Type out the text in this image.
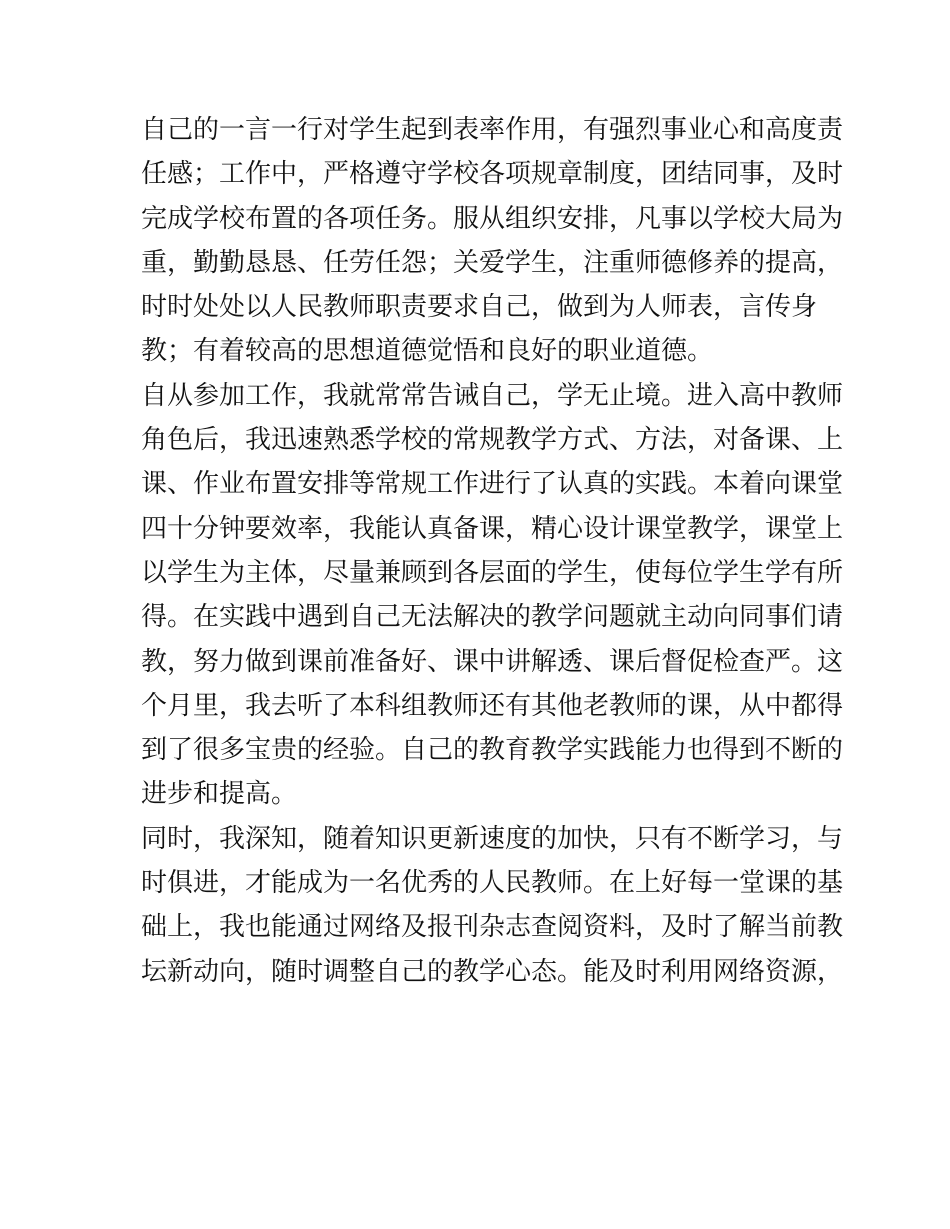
自己的一言一行对学生起到表率作用，有强烈事业心和高度责
任感；工作中，严格遵守学校各项规章制度，团结同事，及时
完成学校布置的各项任务。服从组织安排，凡事以学校大局为
重，勤勤恳恳、任劳任怨；关爱学生，注重师德修养的提高，
时时处处以人民教师职责要求自己，做到为人师表，言传身
教；有着较高的思想道德觉悟和良好的职业道德。
自从参加工作，我就常常告诫自己，学无止境。进入高中教师
角色后，我迅速熟悉学校的常规教学方式、方法，对备课、上
课、作业布置安排等常规工作进行了认真的实践。本着向课堂
四十分钟要效率，我能认真备课，精心设计课堂教学，课堂上
以学生为主体，尽量兼顾到各层面的学生，使每位学生学有所
得。在实践中遇到自己无法解决的教学问题就主动向同事们请
教，努力做到课前准备好、课中讲解透、课后督促检查严。这
个月里，我去听了本科组教师还有其他老教师的课，从中都得
到了很多宝贵的经验。自己的教育教学实践能力也得到不断的
进步和提高。
同时，我深知，随着知识更新速度的加快，只有不断学习，与
时俱进，才能成为一名优秀的人民教师。在上好每一堂课的基
础上，我也能通过网络及报刊杂志查阅资料，及时了解当前教
坛新动向，随时调整自己的教学心态。能及时利用网络资源，
